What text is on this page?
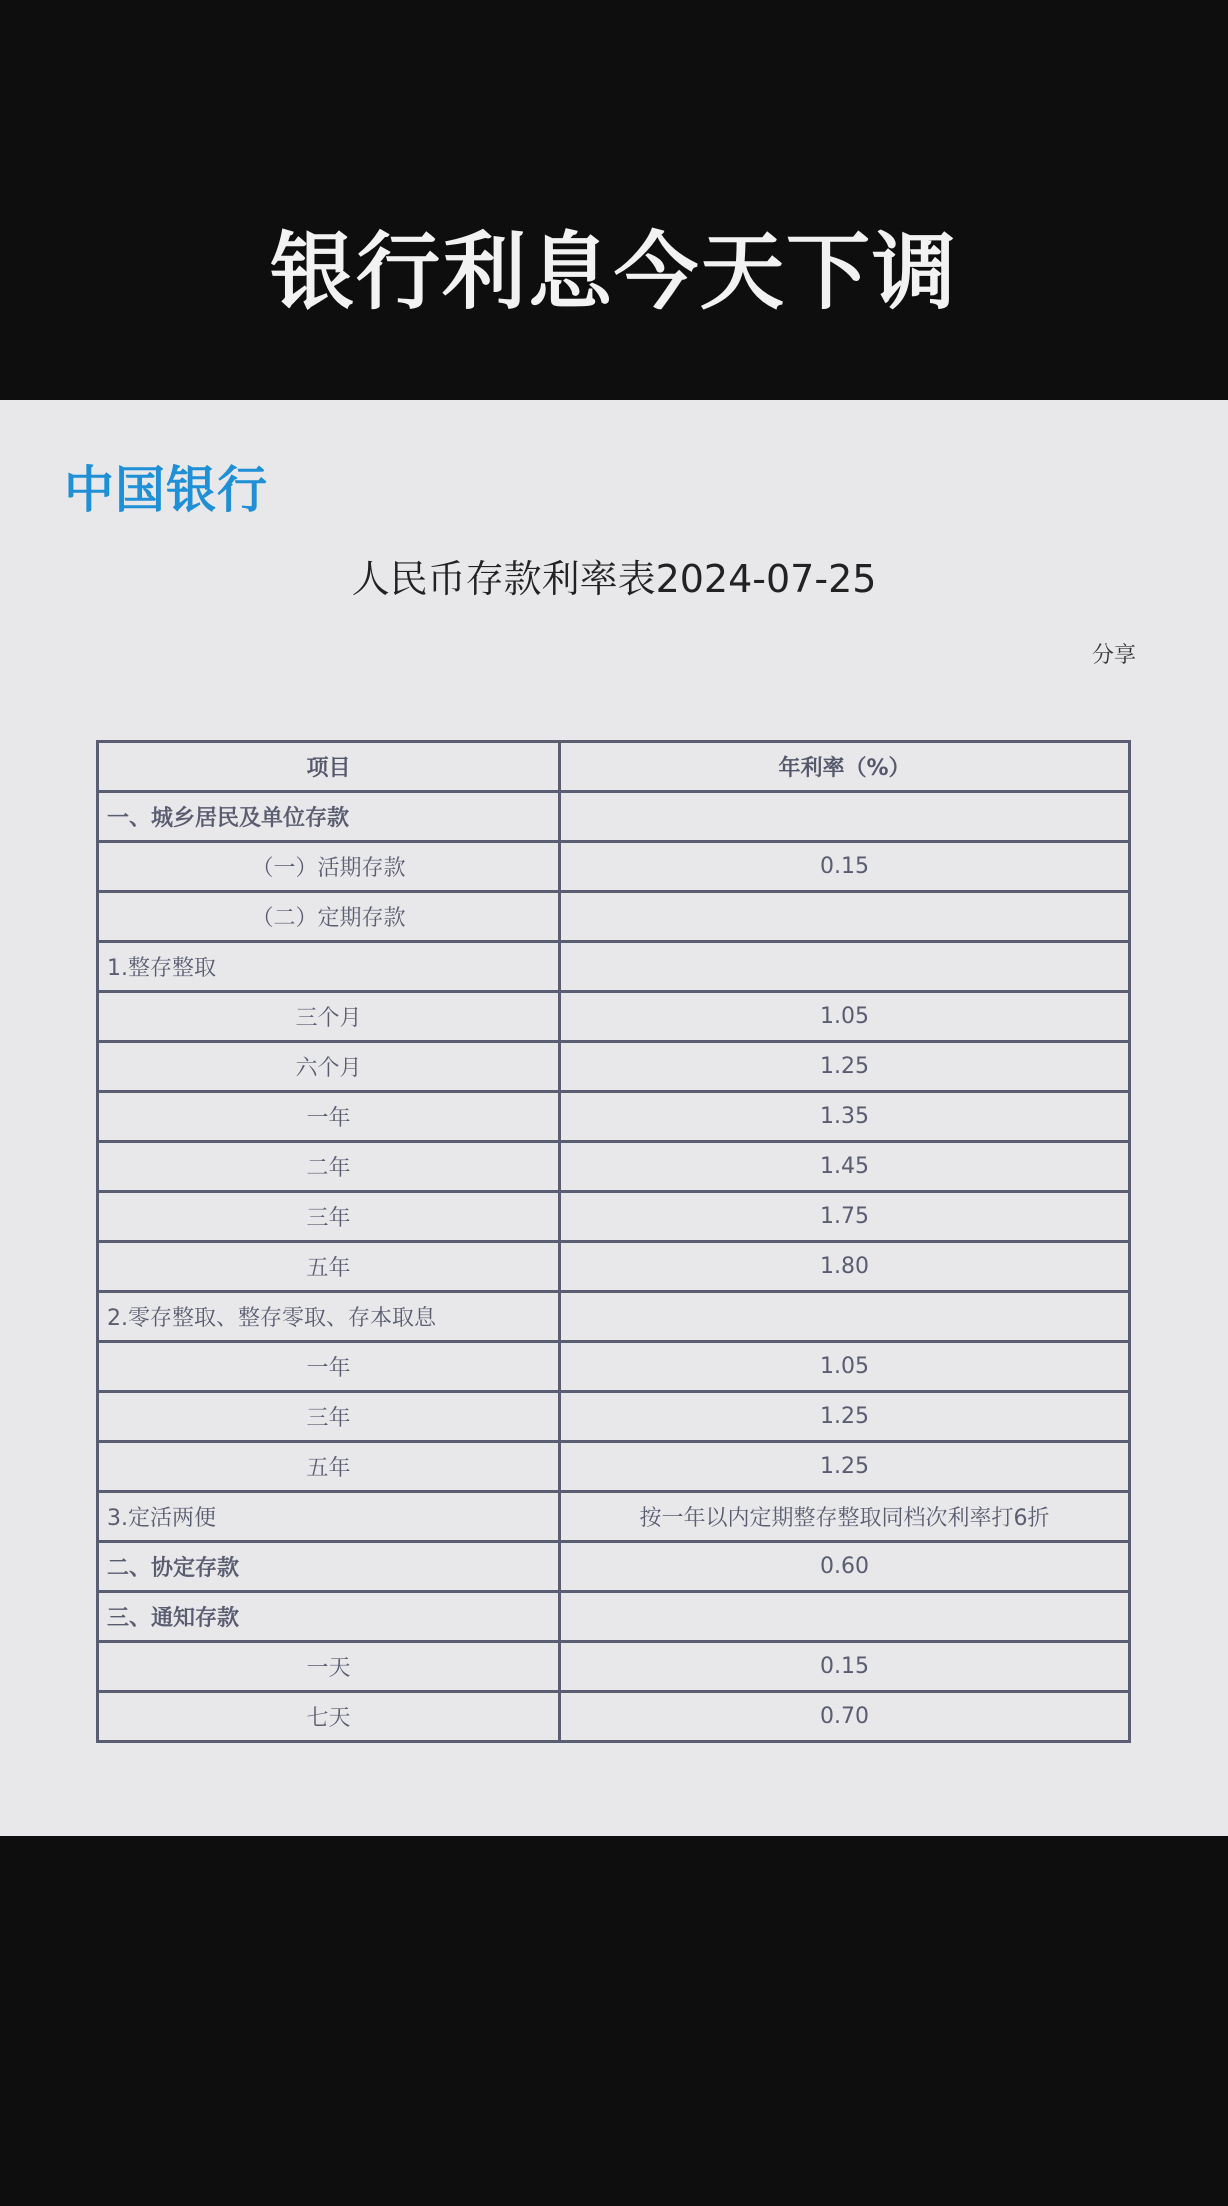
银行利息今天下调
中国银行
人民币存款利率表2024-07-25
分享
项目	年利率（%）
一、城乡居民及单位存款	
（一）活期存款	0.15
（二）定期存款	
1.整存整取	
三个月	1.05
六个月	1.25
一年	1.35
二年	1.45
三年	1.75
五年	1.80
2.零存整取、整存零取、存本取息	
一年	1.05
三年	1.25
五年	1.25
3.定活两便	按一年以内定期整存整取同档次利率打6折
二、协定存款	0.60
三、通知存款	
一天	0.15
七天	0.70
